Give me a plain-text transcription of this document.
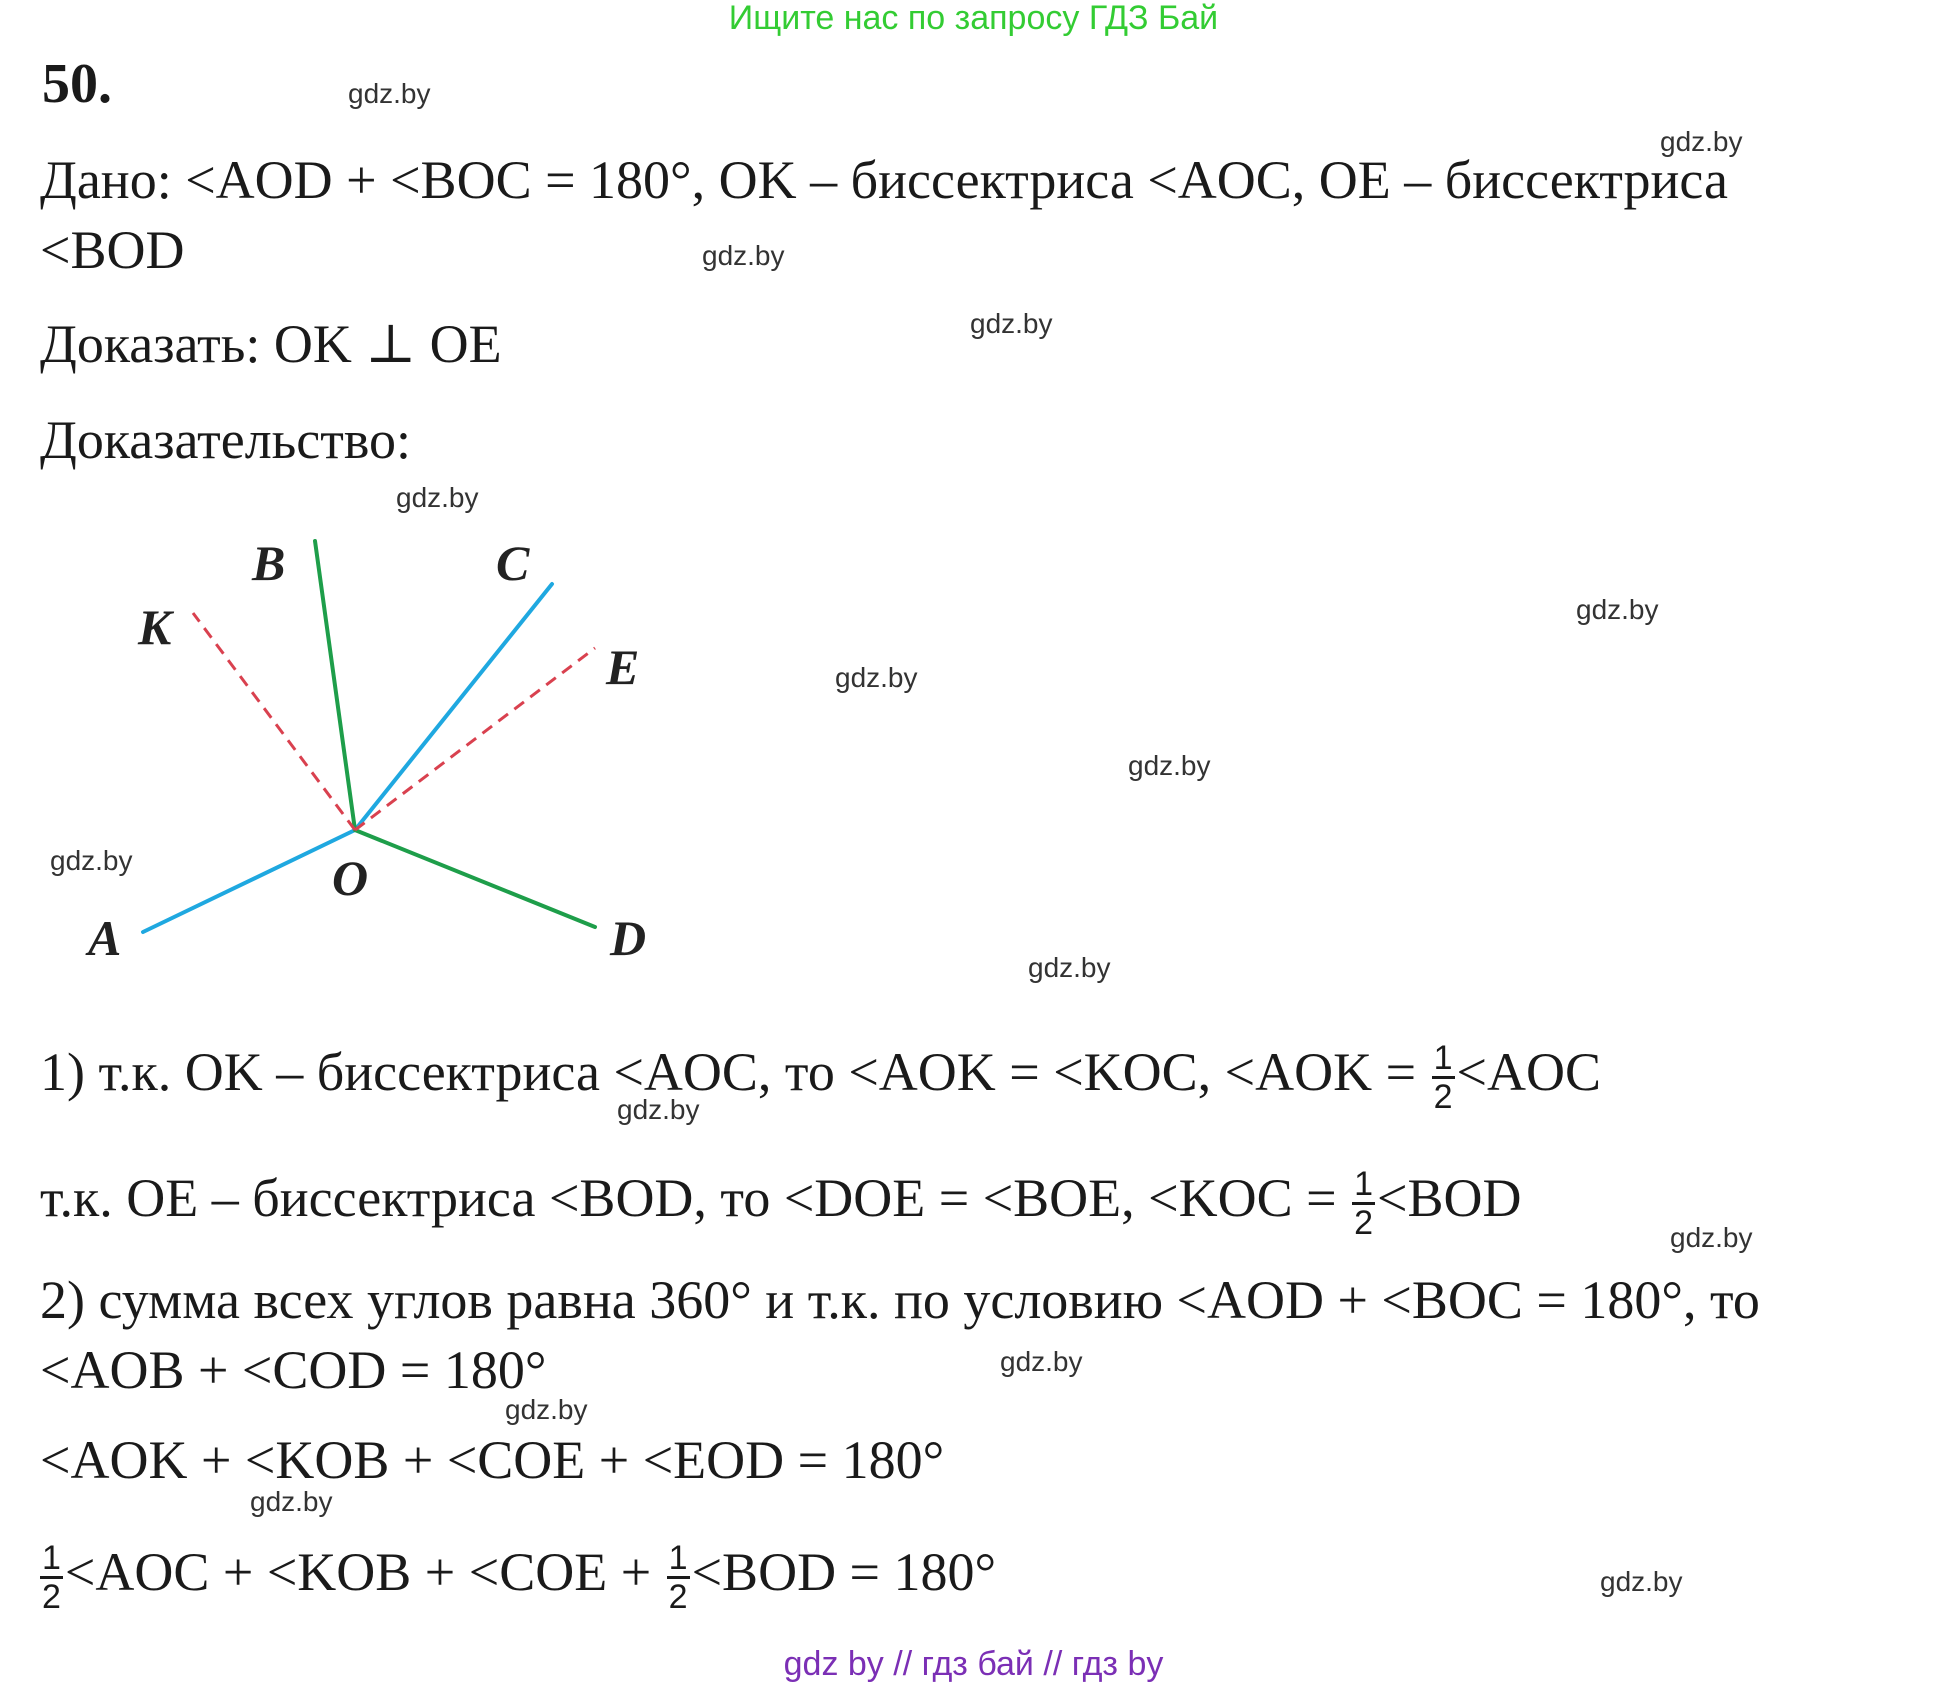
Ищите нас по запросу ГДЗ Бай
50.
Дано: <AOD + <BOC = 180°, OK – биссектриса <AOC, OE – биссектриса
<BOD
Доказать: OK ⊥ OE
Доказательство:
B	C
K
E
O
A	D
1) т.к. OK – биссектриса <AOC, то <AOK = <KOC, $<AOK = \frac{1}{2} <AOC$
т.к. OE – биссектриса <BOD, то <DOE = <BOE, $<KOC = \frac{1}{2} <BOD$
2) сумма всех углов равна 360° и т.к. по условию <AOD + <BOC = 180°, то
<AOB + <COD = 180°
<AOK + <KOB + <COE + <EOD = 180°
$\frac{1}{2} <AOC + <KOB + <COE + \frac{1}{2} <BOD = 180^\circ$
gdz.by
gdz.by
gdz.by
gdz.by
gdz.by
gdz.by
gdz.by
gdz.by
gdz.by
gdz.by
gdz.by
gdz.by
gdz.by
gdz.by
gdz.by
gdz.by
gdz by // гдз бай // гдз by
